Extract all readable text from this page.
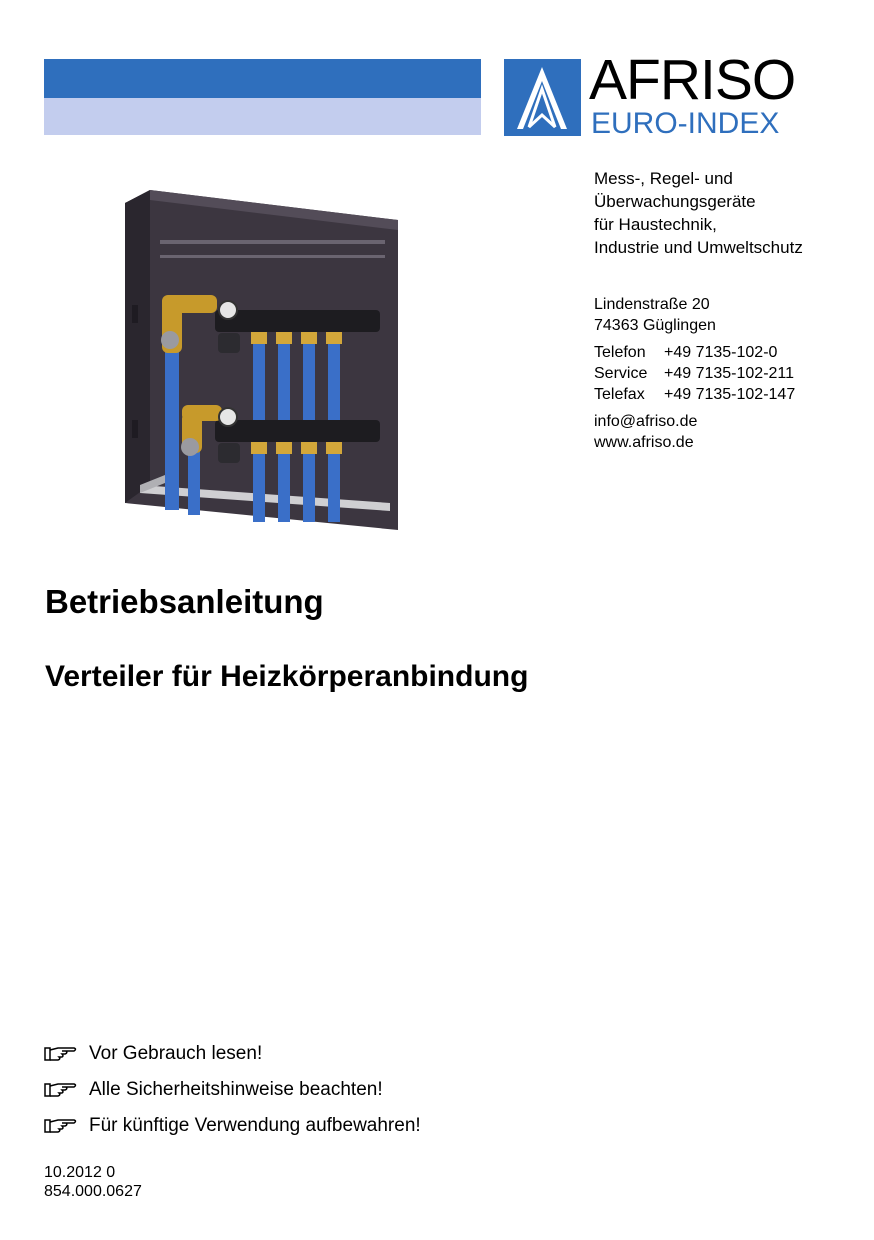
AFRISO
EURO-INDEX
Mess-, Regel- und
Überwachungsgeräte
für Haustechnik,
Industrie und Umweltschutz
Lindenstraße 20
74363 Güglingen
Telefon +49 7135-102-0
Service +49 7135-102-211
Telefax +49 7135-102-147
info@afriso.de
www.afriso.de
Betriebsanleitung
Verteiler für Heizkörperanbindung
Vor Gebrauch lesen!
Alle Sicherheitshinweise beachten!
Für künftige Verwendung aufbewahren!
10.2012 0
854.000.0627
